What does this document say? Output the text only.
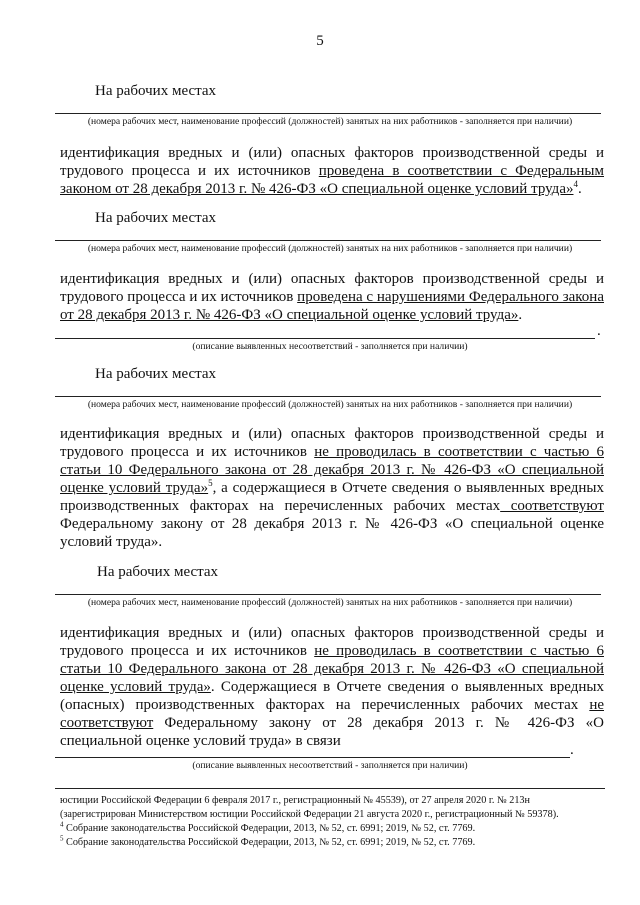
5
На рабочих местах
(номера рабочих мест, наименование профессий (должностей) занятых на них работников - заполняется при наличии)

идентификация вредных и (или) опасных факторов производственной среды и трудового процесса и их источников проведена в соответствии с Федеральным законом от 28 декабря 2013 г. № 426-ФЗ «О специальной оценке условий труда»$^4$.

На рабочих местах
(номера рабочих мест, наименование профессий (должностей) занятых на них работников - заполняется при наличии)

идентификация вредных и (или) опасных факторов производственной среды и трудового процесса и их источников проведена с нарушениями Федерального закона от 28 декабря 2013 г. № 426-ФЗ «О специальной оценке условий труда».

.
(описание выявленных несоответствий - заполняется при наличии)
На рабочих местах
(номера рабочих мест, наименование профессий (должностей) занятых на них работников - заполняется при наличии)

идентификация вредных и (или) опасных факторов производственной среды и трудового процесса и их источников не проводилась в соответствии с частью 6 статьи 10 Федерального закона от 28 декабря 2013 г. № 426-ФЗ «О специальной оценке условий труда»$^5$, а содержащиеся в Отчете сведения о выявленных вредных производственных факторах на перечисленных рабочих местах соответствуют Федеральному закону от 28 декабря 2013 г. № 426-ФЗ «О специальной оценке условий труда».

На рабочих местах
(номера рабочих мест, наименование профессий (должностей) занятых на них работников - заполняется при наличии)

идентификация вредных и (или) опасных факторов производственной среды и трудового процесса и их источников не проводилась в соответствии с частью 6 статьи 10 Федерального закона от 28 декабря 2013 г. № 426-ФЗ «О специальной оценке условий труда». Содержащиеся в Отчете сведения о выявленных вредных (опасных) производственных факторах на перечисленных рабочих местах не соответствуют Федеральному закону от 28 декабря 2013 г. № 426-ФЗ «О специальной оценке условий труда» в связи

.
(описание выявленных несоответствий - заполняется при наличии)

юстиции Российской Федерации 6 февраля 2017 г., регистрационный № 45539), от 27 апреля 2020 г. № 213н (зарегистрирован Министерством юстиции Российской Федерации 21 августа 2020 г., регистрационный № 59378).
$^4$ Собрание законодательства Российской Федерации, 2013, № 52, ст. 6991; 2019, № 52, ст. 7769.
$^5$ Собрание законодательства Российской Федерации, 2013, № 52, ст. 6991; 2019, № 52, ст. 7769.
